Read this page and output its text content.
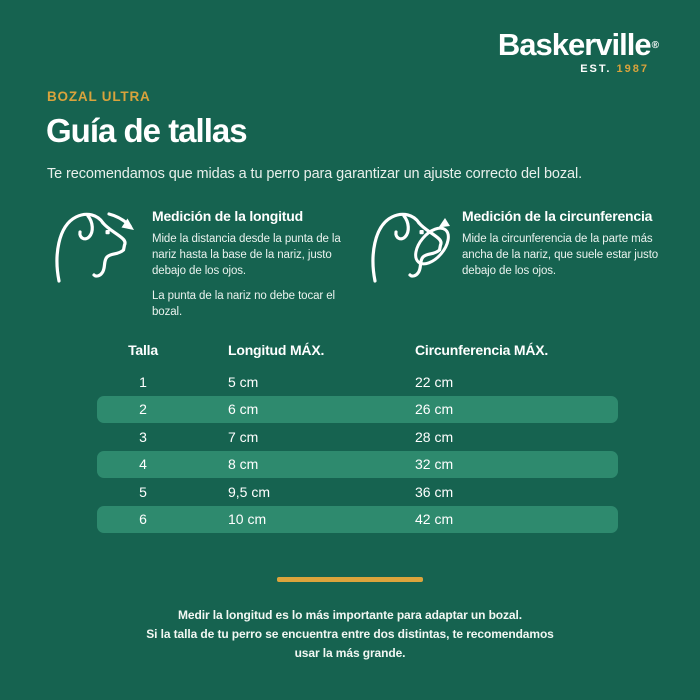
Baskerville®
EST. 1987
BOZAL ULTRA
Guía de tallas
Te recomendamos que midas a tu perro para garantizar un ajuste correcto del bozal.

Medición de la longitud

Mide la distancia desde la punta de la nariz hasta la base de la nariz, justo debajo de los ojos.

La punta de la nariz no debe tocar el bozal.

Medición de la circunferencia

Mide la circunferencia de la parte más ancha de la nariz, que suele estar justo debajo de los ojos.

Talla	Longitud MÁX.	Circunferencia MÁX.
1	5 cm	22 cm
2	6 cm	26 cm
3	7 cm	28 cm
4	8 cm	32 cm
5	9,5 cm	36 cm
6	10 cm	42 cm
Medir la longitud es lo más importante para adaptar un bozal.
Si la talla de tu perro se encuentra entre dos distintas, te recomendamos
usar la más grande.
